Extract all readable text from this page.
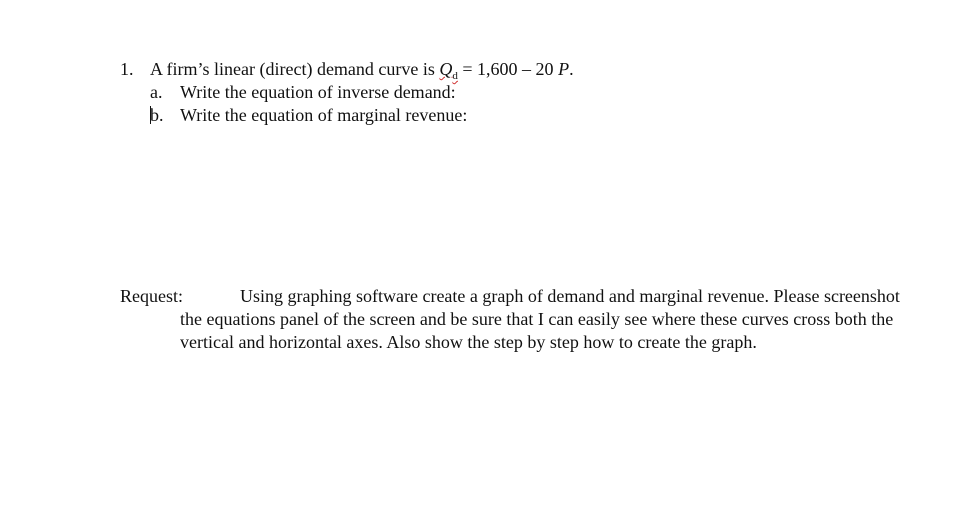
1. A firm’s linear (direct) demand curve is $Q_d = 1,600 - 20$ P.
a. Write the equation of inverse demand:
b. Write the equation of marginal revenue:
Request:	Using graphing software create a graph of demand and marginal revenue. Please screenshot the equations panel of the screen and be sure that I can easily see where these curves cross both the vertical and horizontal axes. Also show the step by step how to create the graph.
